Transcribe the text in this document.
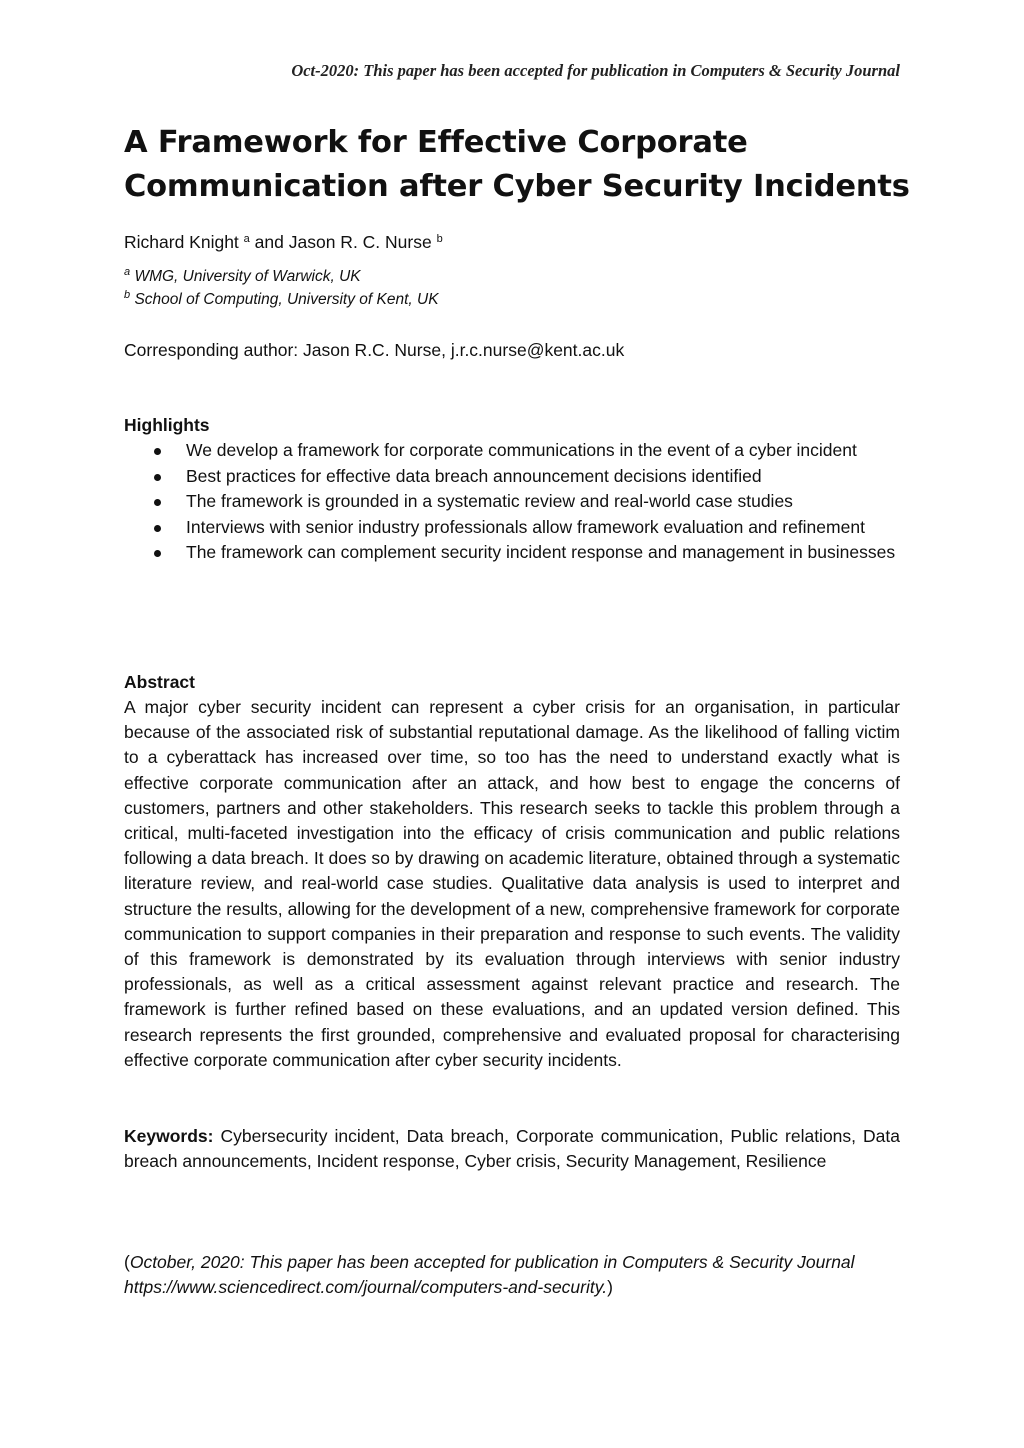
Oct-2020: This paper has been accepted for publication in Computers & Security Journal
A Framework for Effective Corporate Communication after Cyber Security Incidents
Richard Knight $^a$ and Jason R. C. Nurse $^b$
$^a$ WMG, University of Warwick, UK
$^b$ School of Computing, University of Kent, UK
Corresponding author: Jason R.C. Nurse, j.r.c.nurse@kent.ac.uk
Highlights
We develop a framework for corporate communications in the event of a cyber incident
Best practices for effective data breach announcement decisions identified
The framework is grounded in a systematic review and real-world case studies
Interviews with senior industry professionals allow framework evaluation and refinement
The framework can complement security incident response and management in businesses
Abstract

A major cyber security incident can represent a cyber crisis for an organisation, in particular because of the associated risk of substantial reputational damage. As the likelihood of falling victim to a cyberattack has increased over time, so too has the need to understand exactly what is effective corporate communication after an attack, and how best to engage the concerns of customers, partners and other stakeholders. This research seeks to tackle this problem through a critical, multi-faceted investigation into the efficacy of crisis communication and public relations following a data breach. It does so by drawing on academic literature, obtained through a systematic literature review, and real-world case studies. Qualitative data analysis is used to interpret and structure the results, allowing for the development of a new, comprehensive framework for corporate communication to support companies in their preparation and response to such events. The validity of this framework is demonstrated by its evaluation through interviews with senior industry professionals, as well as a critical assessment against relevant practice and research. The framework is further refined based on these evaluations, and an updated version defined. This research represents the first grounded, comprehensive and evaluated proposal for characterising effective corporate communication after cyber security incidents.

Keywords: Cybersecurity incident, Data breach, Corporate communication, Public relations, Data breach announcements, Incident response, Cyber crisis, Security Management, Resilience

(October, 2020: This paper has been accepted for publication in Computers & Security Journal https://www.sciencedirect.com/journal/computers-and-security.)
